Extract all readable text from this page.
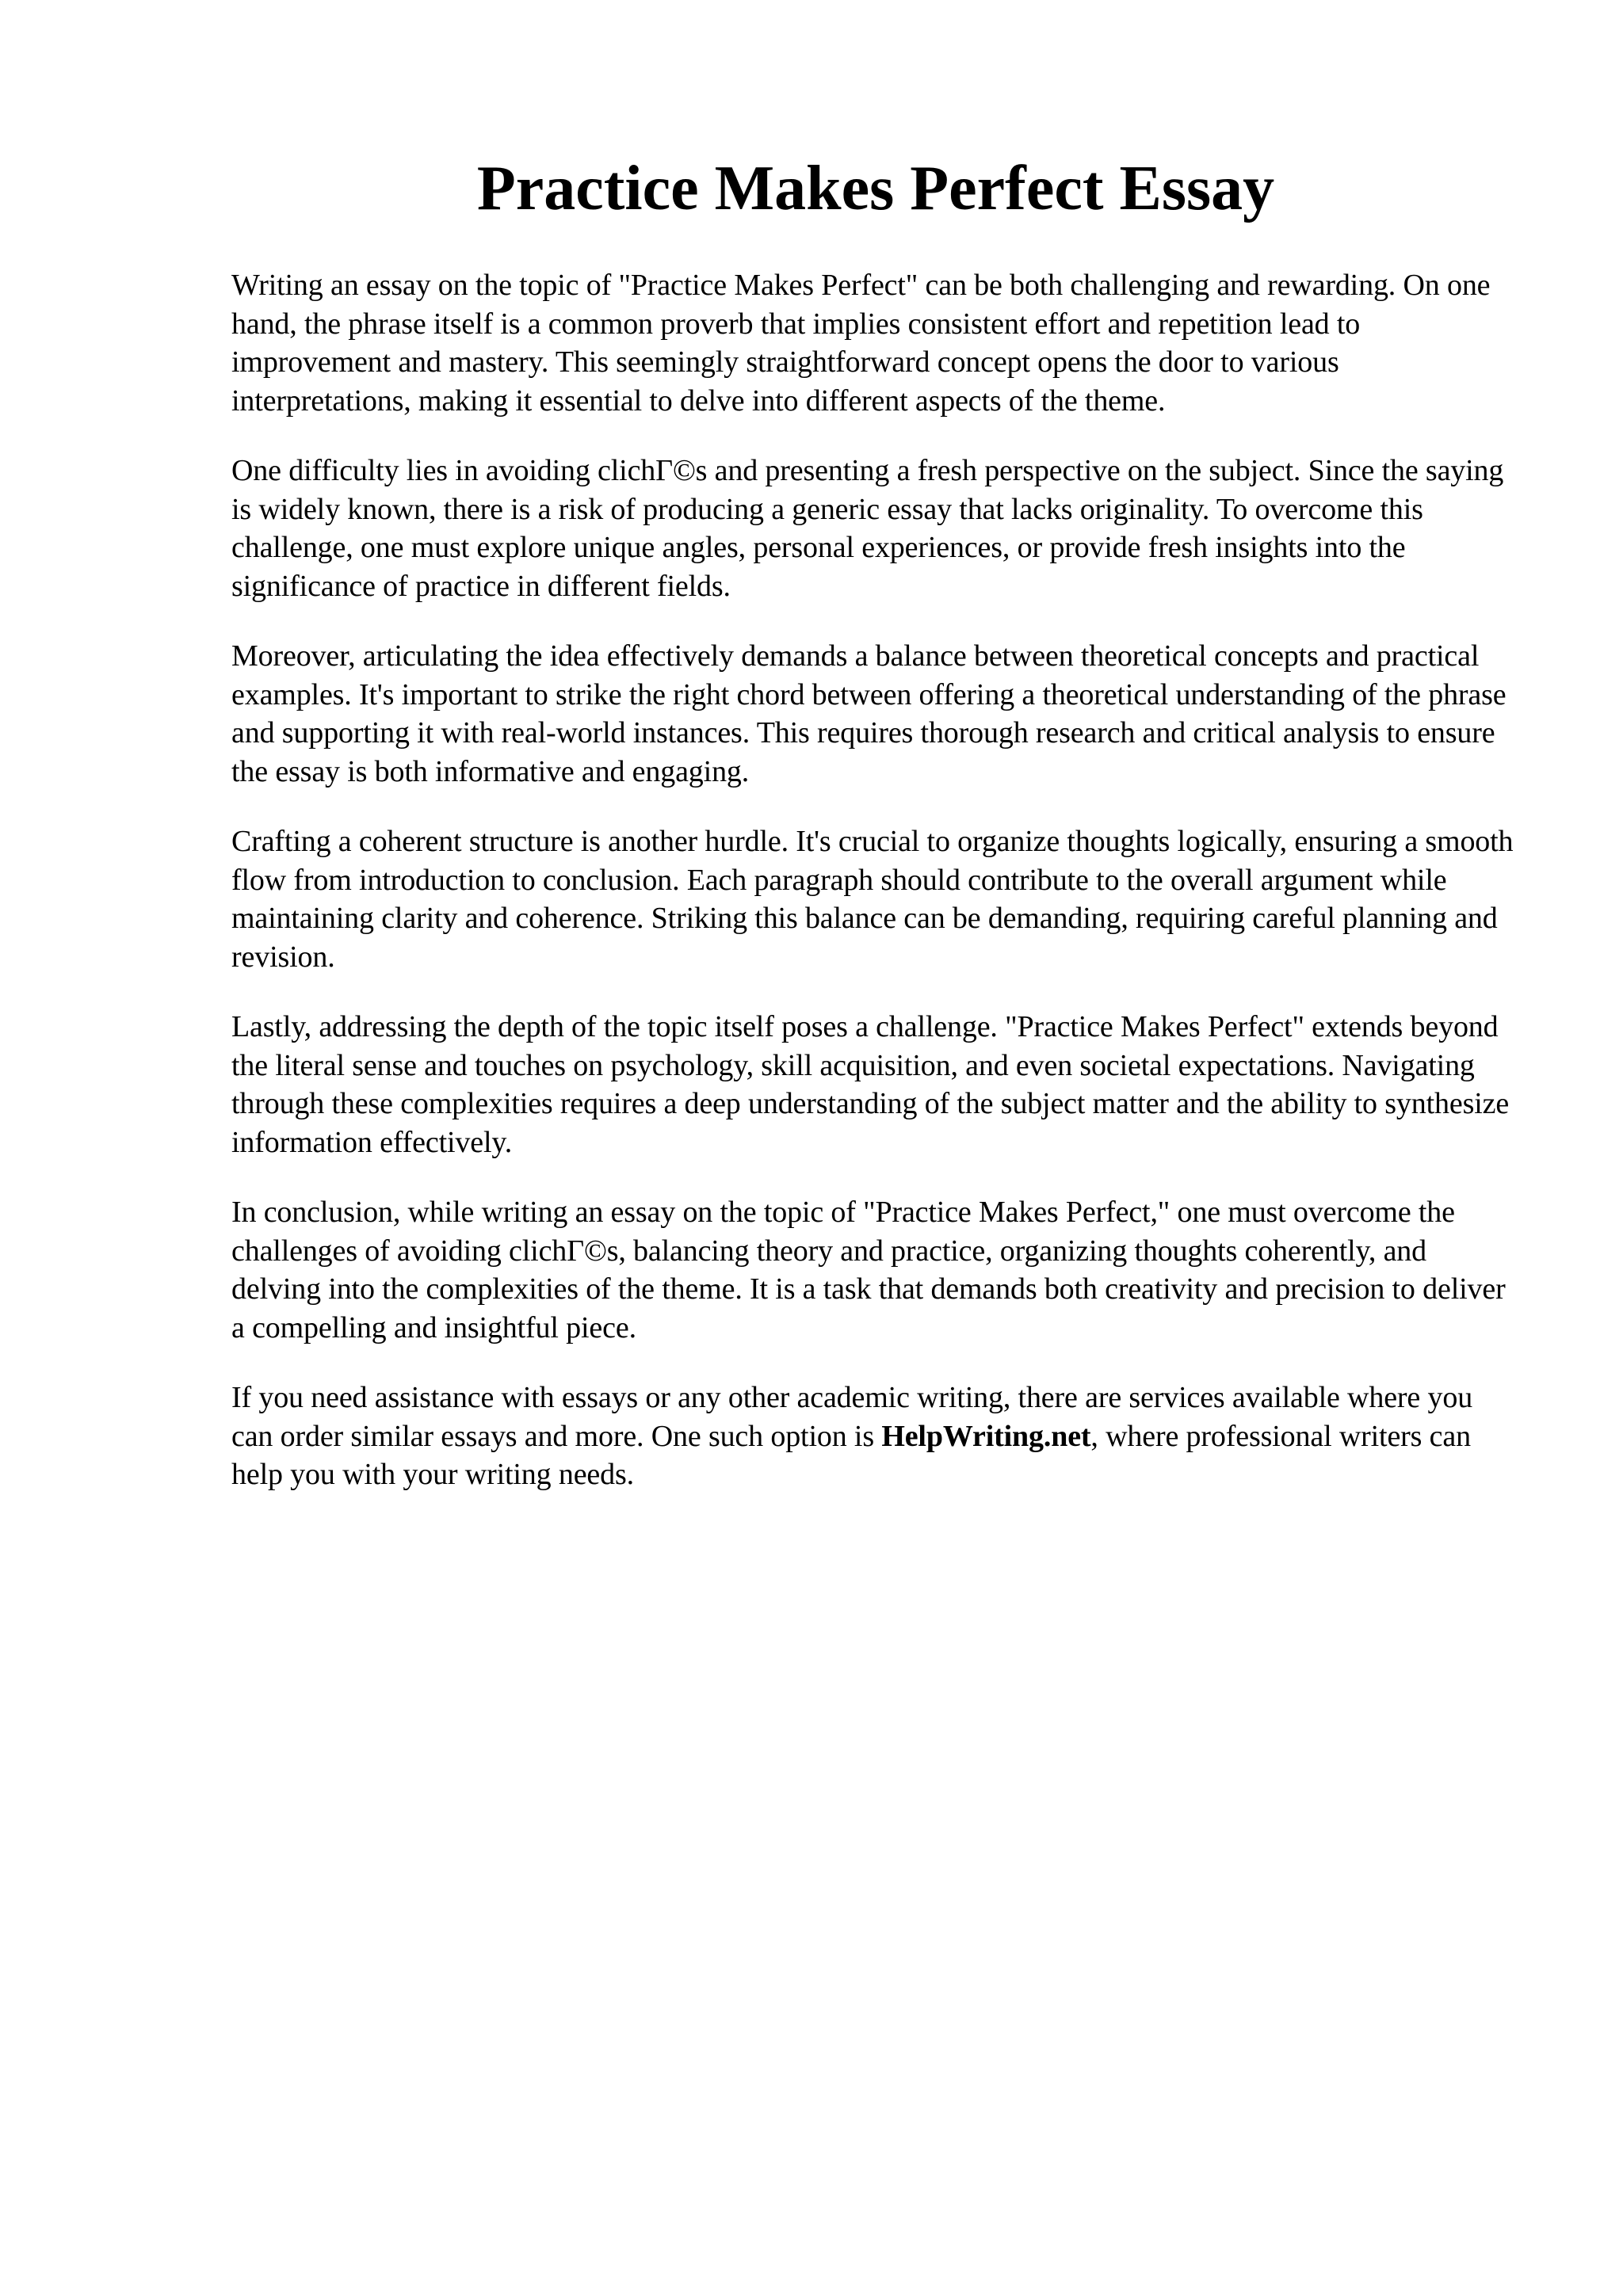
Practice Makes Perfect Essay

Writing an essay on the topic of "Practice Makes Perfect" can be both challenging and rewarding. On one hand, the phrase itself is a common proverb that implies consistent effort and repetition lead to improvement and mastery. This seemingly straightforward concept opens the door to various interpretations, making it essential to delve into different aspects of the theme.

One difficulty lies in avoiding clichΓ©s and presenting a fresh perspective on the subject. Since the saying is widely known, there is a risk of producing a generic essay that lacks originality. To overcome this challenge, one must explore unique angles, personal experiences, or provide fresh insights into the significance of practice in different fields.

Moreover, articulating the idea effectively demands a balance between theoretical concepts and practical examples. It's important to strike the right chord between offering a theoretical understanding of the phrase and supporting it with real-world instances. This requires thorough research and critical analysis to ensure the essay is both informative and engaging.

Crafting a coherent structure is another hurdle. It's crucial to organize thoughts logically, ensuring a smooth flow from introduction to conclusion. Each paragraph should contribute to the overall argument while maintaining clarity and coherence. Striking this balance can be demanding, requiring careful planning and revision.

Lastly, addressing the depth of the topic itself poses a challenge. "Practice Makes Perfect" extends beyond the literal sense and touches on psychology, skill acquisition, and even societal expectations. Navigating through these complexities requires a deep understanding of the subject matter and the ability to synthesize information effectively.

In conclusion, while writing an essay on the topic of "Practice Makes Perfect," one must overcome the challenges of avoiding clichΓ©s, balancing theory and practice, organizing thoughts coherently, and delving into the complexities of the theme. It is a task that demands both creativity and precision to deliver a compelling and insightful piece.

If you need assistance with essays or any other academic writing, there are services available where you can order similar essays and more. One such option is HelpWriting.net, where professional writers can help you with your writing needs.
